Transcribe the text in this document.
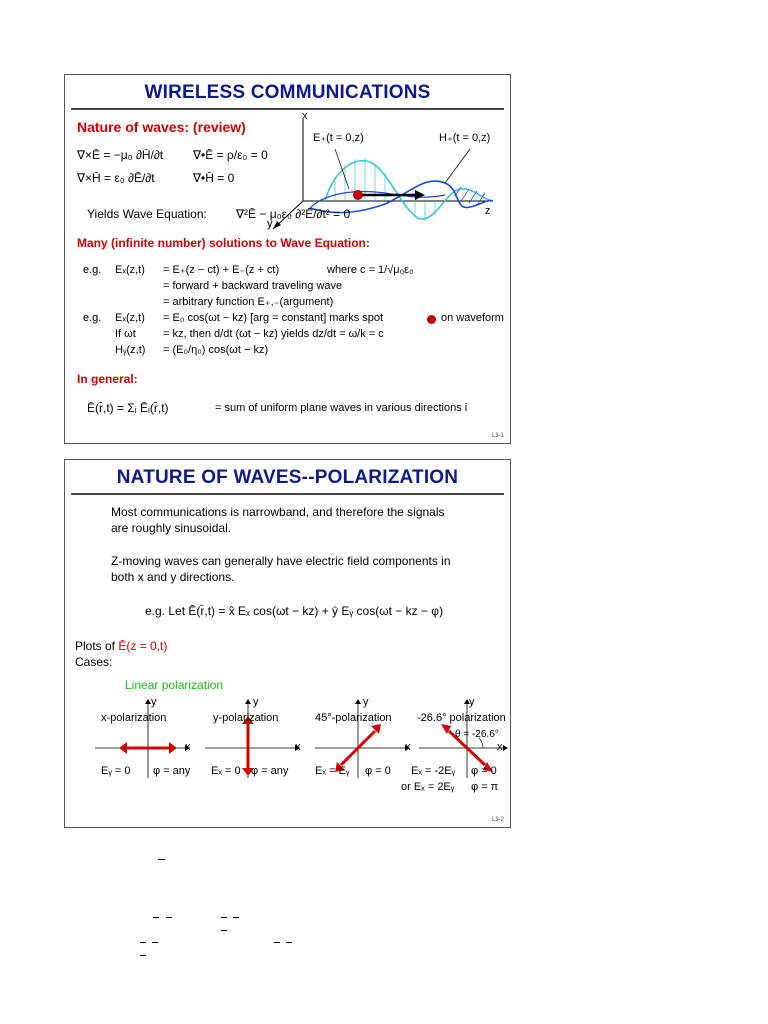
WIRELESS COMMUNICATIONS
Nature of waves: (review)
∇×Ē = −μ₀ ∂H̄/∂t ∇•Ē = ρ/ε₀ = 0
∇×H̄ = ε₀ ∂Ē/∂t	∇•H̄ = 0
x
y
z
E₊(t = 0,z)	H₊(t = 0,z)
Yields Wave Equation: ∇²Ē − μ₀ε₀ ∂²Ē/∂t² = 0
Many (infinite number) solutions to Wave Equation:
e.g. Eₓ(z,t) = E₊(z − ct) + E₋(z + ct)	where c = 1/√μ₀ε₀
= forward + backward traveling wave
= arbitrary function E₊,₋(argument)
e.g. Eₓ(z,t) = E₀ cos(ωt − kz) [arg = constant] marks spot	on waveform
If ωt = kz, then d/dt (ωt − kz) yields dz/dt = ω/k = c
Hᵧ(z,t) = (E₀/η₀) cos(ωt − kz)
In general:
Ē(r̄,t) = Σᵢ Ēᵢ(r̄,t)	= sum of uniform plane waves in various directions i
L3-1
NATURE OF WAVES--POLARIZATION
Most communications is narrowband, and therefore the signals
are roughly sinusoidal.
Z-moving waves can generally have electric field components in
both x and y directions.
e.g. Let Ē(r̄,t) = x̂ Eₓ cos(ωt − kz) + ŷ Eᵧ cos(ωt − kz − φ)
Plots of Ē(z = 0,t)
Cases:
Linear polarization
y
x
x-polarization
Eᵧ = 0 φ = any
y
x
y-polarization
Eₓ = 0 φ = any
y
x
45°-polarization
Eₓ = Eᵧ φ = 0
y
x
-26.6° polarization
θ = -26.6°
Eₓ = -2Eᵧ φ = 0
or Eₓ = 2Eᵧ φ = π
L3-2
